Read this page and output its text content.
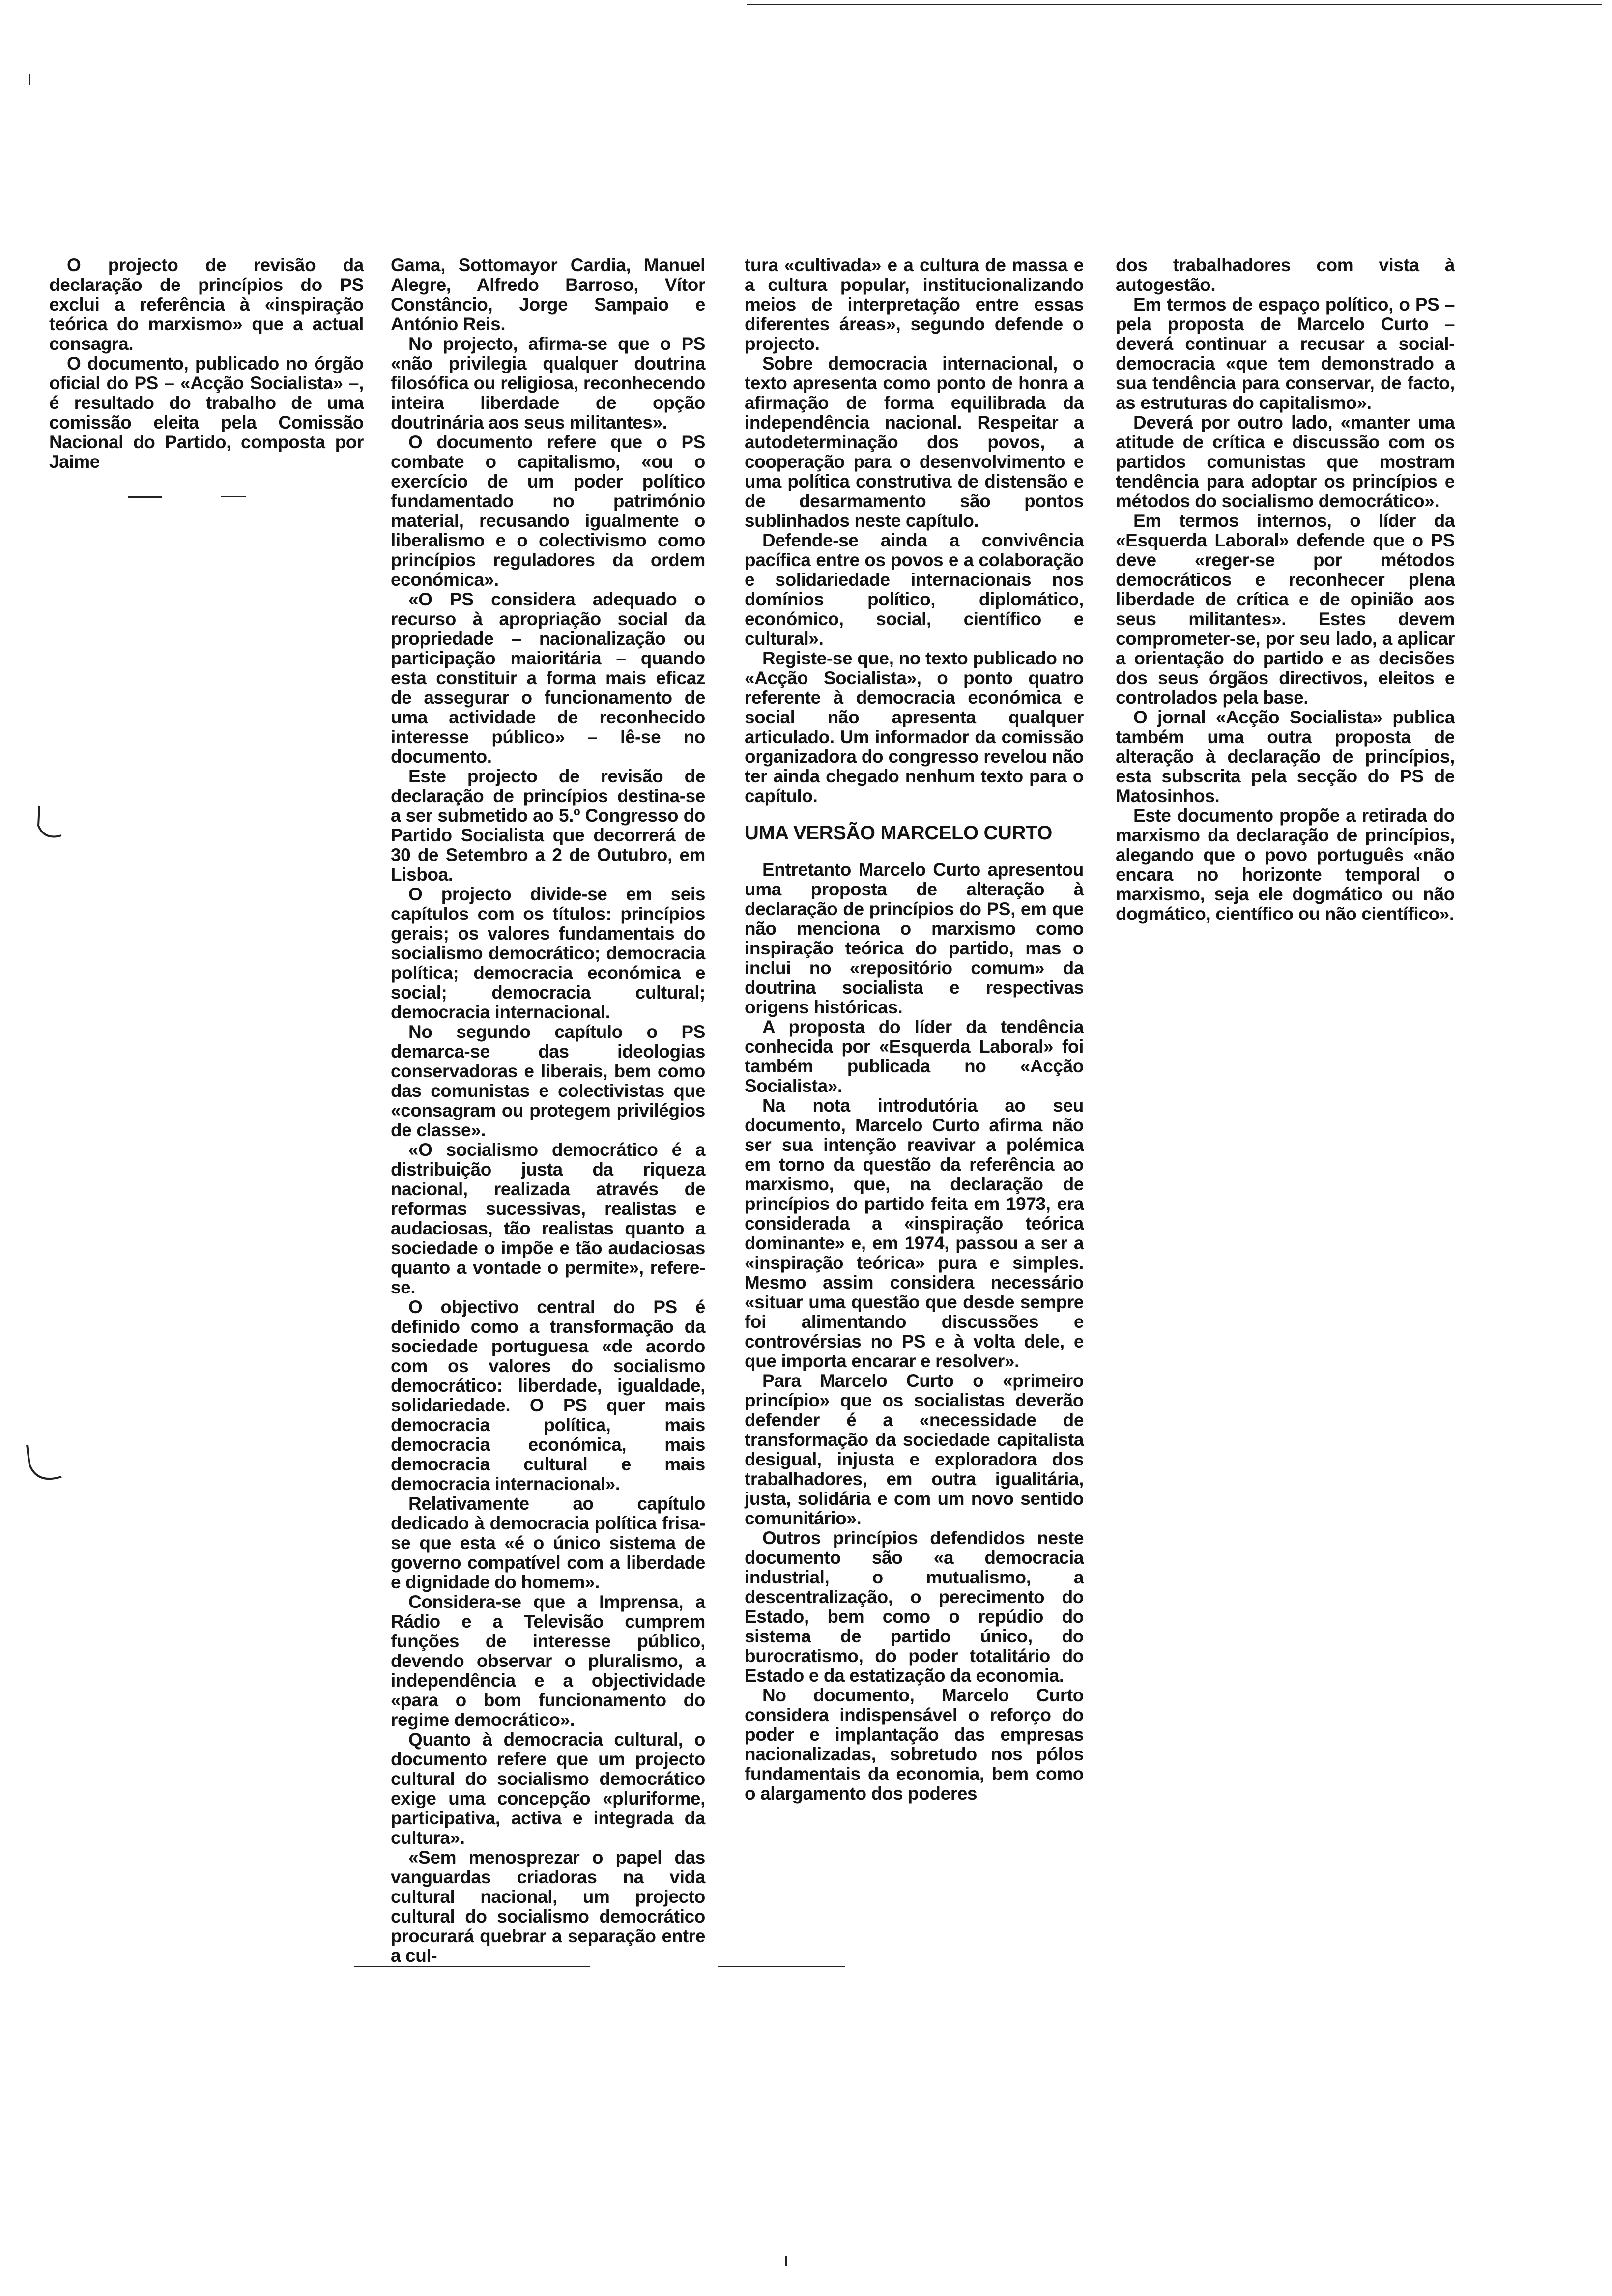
O projecto de revisão da declaração de princípios do PS exclui a referência à «inspiração teórica do marxismo» que a actual consagra.

O documento, publicado no órgão oficial do PS – «Acção Socialista» –, é resultado do trabalho de uma comissão eleita pela Comissão Nacional do Partido, composta por Jaime

Gama, Sottomayor Cardia, Manuel Alegre, Alfredo Barroso, Vítor Constâncio, Jorge Sampaio e António Reis.

No projecto, afirma-se que o PS «não privilegia qualquer doutrina filosófica ou religiosa, reconhecendo inteira liberdade de opção doutrinária aos seus militantes».

O documento refere que o PS combate o capitalismo, «ou o exercício de um poder político fundamentado no património material, recusando igualmente o liberalismo e o colectivismo como princípios reguladores da ordem económica».

«O PS considera adequado o recurso à apropriação social da propriedade – nacionalização ou participação maioritária – quando esta constituir a forma mais eficaz de assegurar o funcionamento de uma actividade de reconhecido interesse público» – lê-se no documento.

Este projecto de revisão de declaração de princípios destina-se a ser submetido ao 5.º Congresso do Partido Socialista que decorrerá de 30 de Setembro a 2 de Outubro, em Lisboa.

O projecto divide-se em seis capítulos com os títulos: princípios gerais; os valores fundamentais do socialismo democrático; democracia política; democracia económica e social; democracia cultural; democracia internacional.

No segundo capítulo o PS demarca-se das ideologias conservadoras e liberais, bem como das comunistas e colectivistas que «consagram ou protegem privilégios de classe».

«O socialismo democrático é a distribuição justa da riqueza nacional, realizada através de reformas sucessivas, realistas e audaciosas, tão realistas quanto a sociedade o impõe e tão audaciosas quanto a vontade o permite», refere-se.

O objectivo central do PS é definido como a transformação da sociedade portuguesa «de acordo com os valores do socialismo democrático: liberdade, igualdade, solidariedade. O PS quer mais democracia política, mais democracia económica, mais democracia cultural e mais democracia internacional».

Relativamente ao capítulo dedicado à democracia política frisa-se que esta «é o único sistema de governo compatível com a liberdade e dignidade do homem».

Considera-se que a Imprensa, a Rádio e a Televisão cumprem funções de interesse público, devendo observar o pluralismo, a independência e a objectividade «para o bom funcionamento do regime democrático».

Quanto à democracia cultural, o documento refere que um projecto cultural do socialismo democrático exige uma concepção «pluriforme, participativa, activa e integrada da cultura».

«Sem menosprezar o papel das vanguardas criadoras na vida cultural nacional, um projecto cultural do socialismo democrático procurará quebrar a separação entre a cul-

tura «cultivada» e a cultura de massa e a cultura popular, institucionalizando meios de interpretação entre essas diferentes áreas», segundo defende o projecto.

Sobre democracia internacional, o texto apresenta como ponto de honra a afirmação de forma equilibrada da independência nacional. Respeitar a autodeterminação dos povos, a cooperação para o desenvolvimento e uma política construtiva de distensão e de desarmamento são pontos sublinhados neste capítulo.

Defende-se ainda a convivência pacífica entre os povos e a colaboração e solidariedade internacionais nos domínios político, diplomático, económico, social, científico e cultural».

Registe-se que, no texto publicado no «Acção Socialista», o ponto quatro referente à democracia económica e social não apresenta qualquer articulado. Um informador da comissão organizadora do congresso revelou não ter ainda chegado nenhum texto para o capítulo.

UMA VERSÃO MARCELO CURTO

Entretanto Marcelo Curto apresentou uma proposta de alteração à declaração de princípios do PS, em que não menciona o marxismo como inspiração teórica do partido, mas o inclui no «repositório comum» da doutrina socialista e respectivas origens históricas.

A proposta do líder da tendência conhecida por «Esquerda Laboral» foi também publicada no «Acção Socialista».

Na nota introdutória ao seu documento, Marcelo Curto afirma não ser sua intenção reavivar a polémica em torno da questão da referência ao marxismo, que, na declaração de princípios do partido feita em 1973, era considerada a «inspiração teórica dominante» e, em 1974, passou a ser a «inspiração teórica» pura e simples. Mesmo assim considera necessário «situar uma questão que desde sempre foi alimentando discussões e controvérsias no PS e à volta dele, e que importa encarar e resolver».

Para Marcelo Curto o «primeiro princípio» que os socialistas deverão defender é a «necessidade de transformação da sociedade capitalista desigual, injusta e exploradora dos trabalhadores, em outra igualitária, justa, solidária e com um novo sentido comunitário».

Outros princípios defendidos neste documento são «a democracia industrial, o mutualismo, a descentralização, o perecimento do Estado, bem como o repúdio do sistema de partido único, do burocratismo, do poder totalitário do Estado e da estatização da economia.

No documento, Marcelo Curto considera indispensável o reforço do poder e implantação das empresas nacionalizadas, sobretudo nos pólos fundamentais da economia, bem como o alargamento dos poderes

dos trabalhadores com vista à autogestão.

Em termos de espaço político, o PS – pela proposta de Marcelo Curto – deverá continuar a recusar a social-democracia «que tem demonstrado a sua tendência para conservar, de facto, as estruturas do capitalismo».

Deverá por outro lado, «manter uma atitude de crítica e discussão com os partidos comunistas que mostram tendência para adoptar os princípios e métodos do socialismo democrático».

Em termos internos, o líder da «Esquerda Laboral» defende que o PS deve «reger-se por métodos democráticos e reconhecer plena liberdade de crítica e de opinião aos seus militantes». Estes devem comprometer-se, por seu lado, a aplicar a orientação do partido e as decisões dos seus órgãos directivos, eleitos e controlados pela base.

O jornal «Acção Socialista» publica também uma outra proposta de alteração à declaração de princípios, esta subscrita pela secção do PS de Matosinhos.

Este documento propõe a retirada do marxismo da declaração de princípios, alegando que o povo português «não encara no horizonte temporal o marxismo, seja ele dogmático ou não dogmático, científico ou não científico».
